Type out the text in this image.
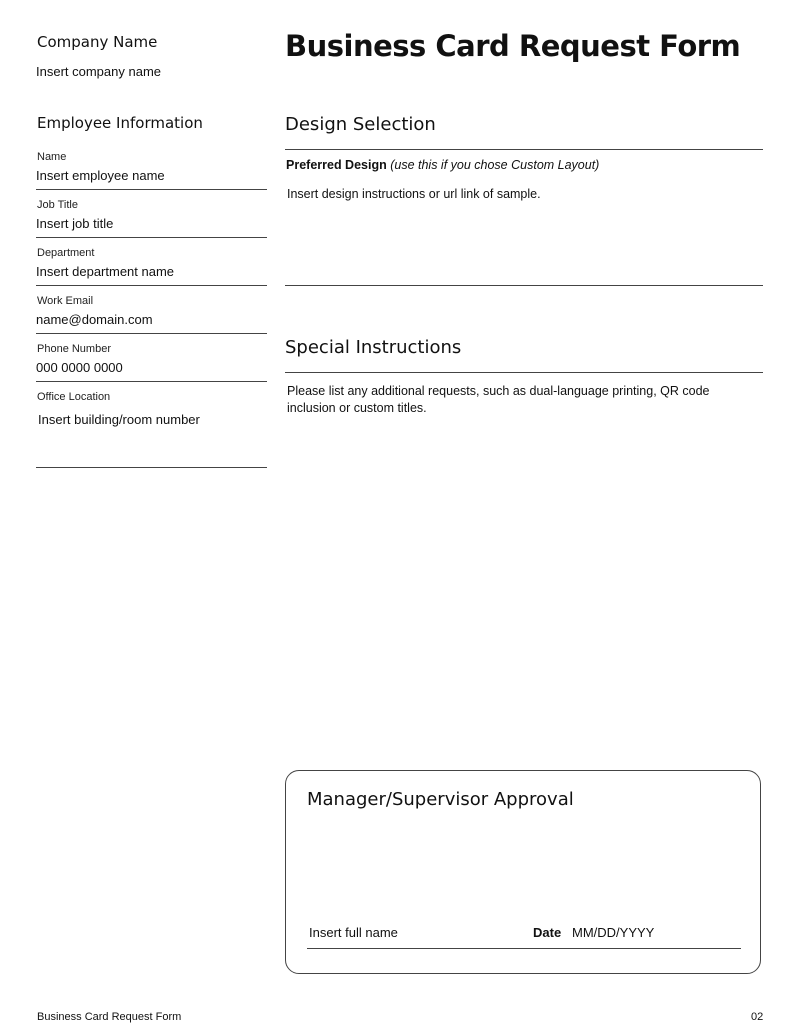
Company Name
Insert company name
Business Card Request Form
Employee Information
Name
Insert employee name
Job Title
Insert job title
Department
Insert department name
Work Email
name@domain.com
Phone Number
000 0000 0000
Office Location
Insert building/room number
Design Selection
Preferred Design (use this if you chose Custom Layout)
Insert design instructions or url link of sample.
Special Instructions
Please list any additional requests, such as dual-language printing, QR code inclusion or custom titles.
Manager/Supervisor Approval
Insert full name	Date MM/DD/YYYY
Business Card Request Form	02
